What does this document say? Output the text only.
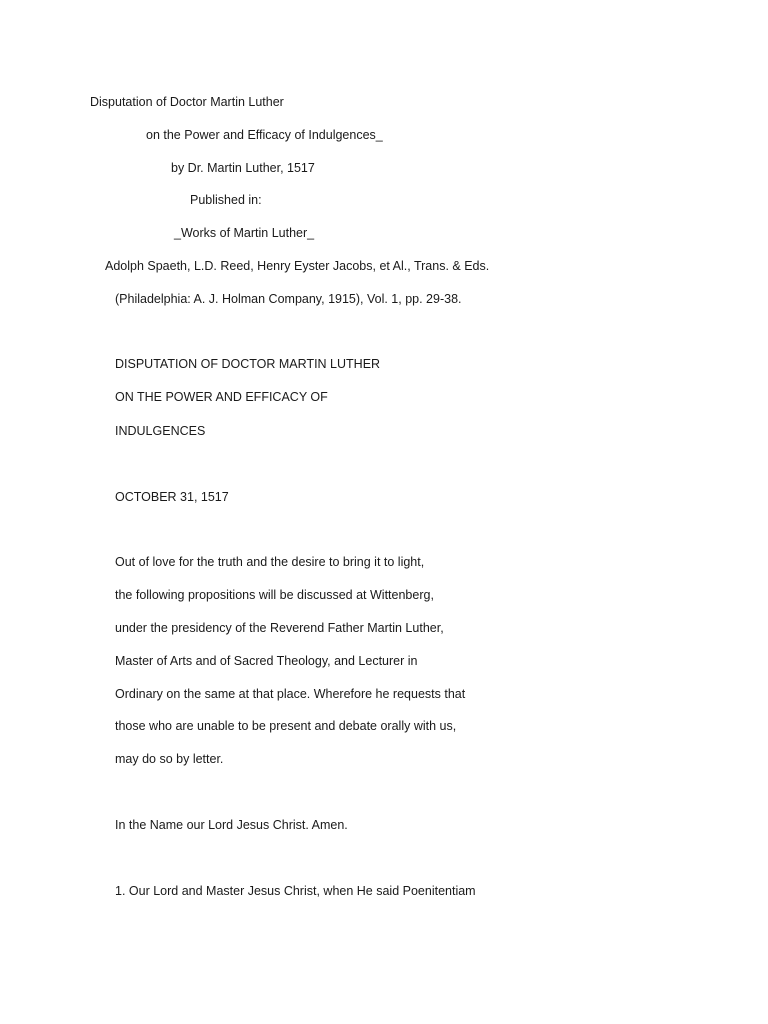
Disputation of Doctor Martin Luther
on the Power and Efficacy of Indulgences_
by Dr. Martin Luther, 1517
Published in:
_Works of Martin Luther_
Adolph Spaeth, L.D. Reed, Henry Eyster Jacobs, et Al., Trans. & Eds.
(Philadelphia: A. J. Holman Company, 1915), Vol. 1, pp. 29-38.
DISPUTATION OF DOCTOR MARTIN LUTHER
ON THE POWER AND EFFICACY OF
INDULGENCES
OCTOBER 31, 1517
Out of love for the truth and the desire to bring it to light,
the following propositions will be discussed at Wittenberg,
under the presidency of the Reverend Father Martin Luther,
Master of Arts and of Sacred Theology, and Lecturer in
Ordinary on the same at that place. Wherefore he requests that
those who are unable to be present and debate orally with us,
may do so by letter.
In the Name our Lord Jesus Christ. Amen.
1. Our Lord and Master Jesus Christ, when He said Poenitentiam
